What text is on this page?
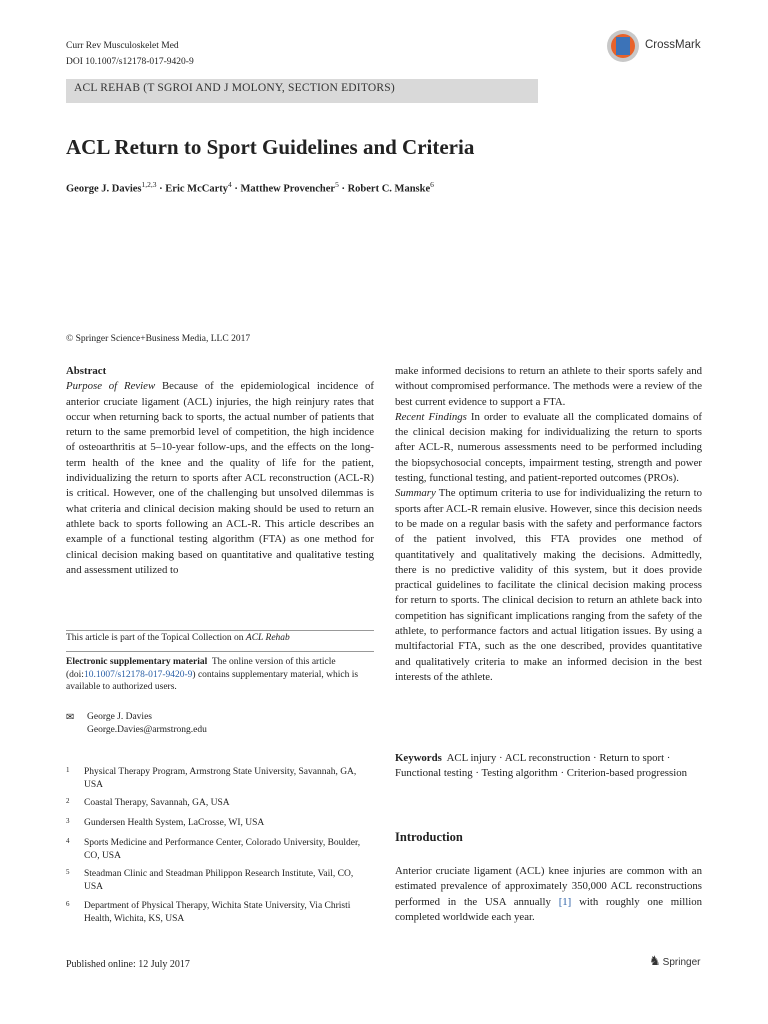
Curr Rev Musculoskelet Med
DOI 10.1007/s12178-017-9420-9
ACL REHAB (T SGROI AND J MOLONY, SECTION EDITORS)
CrossMark
ACL Return to Sport Guidelines and Criteria
George J. Davies$^{1,2,3}$ · Eric McCarty$^4$ · Matthew Provencher$^5$ · Robert C. Manske$^6$
© Springer Science+Business Media, LLC 2017

Abstract

Purpose of Review Because of the epidemiological incidence of anterior cruciate ligament (ACL) injuries, the high reinjury rates that occur when returning back to sports, the actual number of patients that return to the same premorbid level of competition, the high incidence of osteoarthritis at 5–10-year follow-ups, and the effects on the long-term health of the knee and the quality of life for the patient, individualizing the return to sports after ACL reconstruction (ACL-R) is critical. However, one of the challenging but unsolved dilemmas is what criteria and clinical decision making should be used to return an athlete back to sports following an ACL-R. This article describes an example of a functional testing algorithm (FTA) as one method for clinical decision making based on quantitative and qualitative testing and assessment utilized to

This article is part of the Topical Collection on ACL Rehab
Electronic supplementary material The online version of this article (doi:10.1007/s12178-017-9420-9) contains supplementary material, which is available to authorized users.
✉ George J. Davies
George.Davies@armstrong.edu
1 Physical Therapy Program, Armstrong State University, Savannah, GA, USA
2 Coastal Therapy, Savannah, GA, USA
3 Gundersen Health System, LaCrosse, WI, USA
4 Sports Medicine and Performance Center, Colorado University, Boulder, CO, USA
5 Steadman Clinic and Steadman Philippon Research Institute, Vail, CO, USA
6 Department of Physical Therapy, Wichita State University, Via Christi Health, Wichita, KS, USA

make informed decisions to return an athlete to their sports safely and without compromised performance. The methods were a review of the best current evidence to support a FTA.

Recent Findings In order to evaluate all the complicated domains of the clinical decision making for individualizing the return to sports after ACL-R, numerous assessments need to be performed including the biopsychosocial concepts, impairment testing, strength and power testing, functional testing, and patient-reported outcomes (PROs).

Summary The optimum criteria to use for individualizing the return to sports after ACL-R remain elusive. However, since this decision needs to be made on a regular basis with the safety and performance factors of the patient involved, this FTA provides one method of quantitatively and qualitatively making the decisions. Admittedly, there is no predictive validity of this system, but it does provide practical guidelines to facilitate the clinical decision making process for return to sports. The clinical decision to return an athlete back into competition has significant implications ranging from the safety of the athlete, to performance factors and actual litigation issues. By using a multifactorial FTA, such as the one described, provides quantitative and qualitatively criteria to make an informed decision in the best interests of the athlete.

Keywords ACL injury · ACL reconstruction · Return to sport · Functional testing · Testing algorithm · Criterion-based progression
Introduction
Anterior cruciate ligament (ACL) knee injuries are common with an estimated prevalence of approximately 350,000 ACL reconstructions performed in the USA annually [1] with roughly one million completed worldwide each year.
Published online: 12 July 2017	♞ Springer
